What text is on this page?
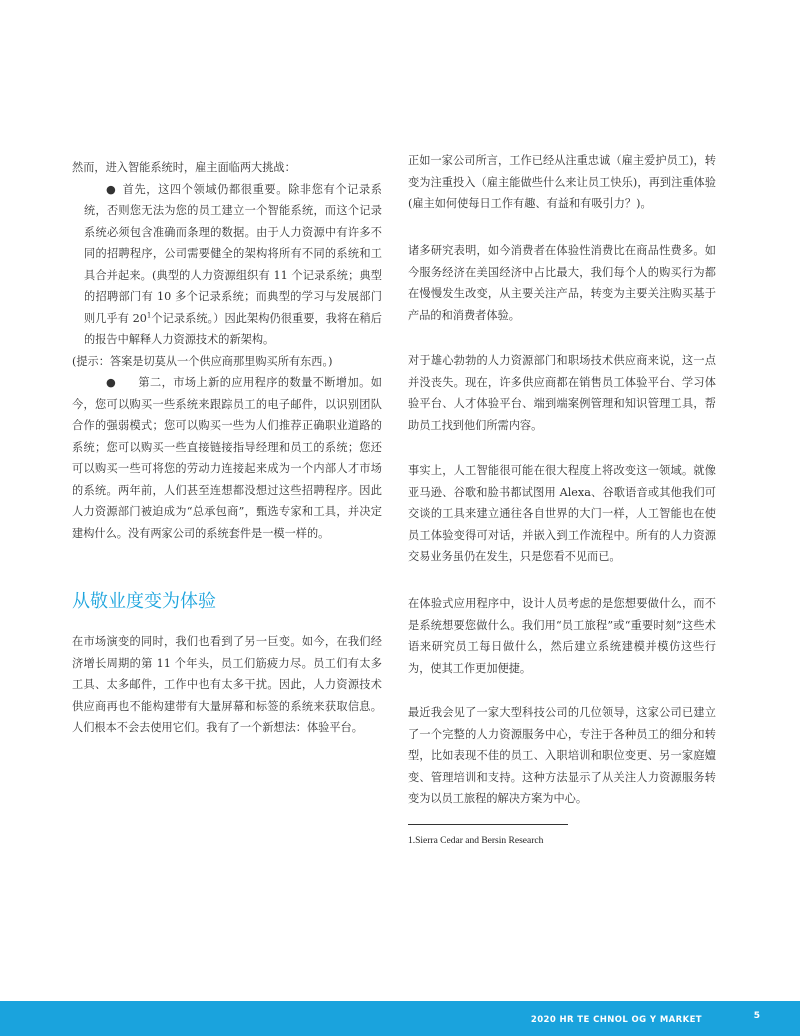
然而，进入智能系统时，雇主面临两大挑战：

● 首先，这四个领域仍都很重要。除非您有个记录系统，否则您无法为您的员工建立一个智能系统，而这个记录系统必须包含准确而条理的数据。由于人力资源中有许多不同的招聘程序，公司需要健全的架构将所有不同的系统和工具合并起来。(典型的人力资源组织有 11 个记录系统；典型的招聘部门有 10 多个记录系统；而典型的学习与发展部门则几乎有 $20^1$个记录系统。）因此架构仍很重要，我将在稍后的报告中解释人力资源技术的新架构。

(提示：答案是切莫从一个供应商那里购买所有东西。)

● 第二，市场上新的应用程序的数量不断增加。如今，您可以购买一些系统来跟踪员工的电子邮件，以识别团队合作的强弱模式；您可以购买一些为人们推荐正确职业道路的系统；您可以购买一些直接链接指导经理和员工的系统；您还可以购买一些可将您的劳动力连接起来成为一个内部人才市场的系统。两年前，人们甚至连想都没想过这些招聘程序。因此人力资源部门被迫成为“总承包商”，甄选专家和工具，并决定建构什么。没有两家公司的系统套件是一模一样的。

从敬业度变为体验

在市场演变的同时，我们也看到了另一巨变。如今，在我们经济增长周期的第 11 个年头，员工们筋疲力尽。员工们有太多工具、太多邮件，工作中也有太多干扰。因此，人力资源技术供应商再也不能构建带有大量屏幕和标签的系统来获取信息。人们根本不会去使用它们。我有了一个新想法：体验平台。

正如一家公司所言，工作已经从注重忠诚（雇主爱护员工)，转变为注重投入（雇主能做些什么来让员工快乐)，再到注重体验(雇主如何使每日工作有趣、有益和有吸引力？)。

诸多研究表明，如今消费者在体验性消费比在商品性费多。如今服务经济在美国经济中占比最大，我们每个人的购买行为都在慢慢发生改变，从主要关注产品，转变为主要关注购买基于产品的和消费者体验。

对于雄心勃勃的人力资源部门和职场技术供应商来说，这一点并没丧失。现在，许多供应商都在销售员工体验平台、学习体验平台、人才体验平台、端到端案例管理和知识管理工具，帮助员工找到他们所需内容。

事实上，人工智能很可能在很大程度上将改变这一领域。就像亚马逊、谷歌和脸书都试图用 Alexa、谷歌语音或其他我们可交谈的工具来建立通往各自世界的大门一样，人工智能也在使员工体验变得可对话，并嵌入到工作流程中。所有的人力资源交易业务虽仍在发生，只是您看不见而已。

在体验式应用程序中，设计人员考虑的是您想要做什么，而不是系统想要您做什么。我们用“员工旅程”或“重要时刻”这些术语来研究员工每日做什么，然后建立系统建模并模仿这些行为，使其工作更加便捷。

最近我会见了一家大型科技公司的几位领导，这家公司已建立了一个完整的人力资源服务中心，专注于各种员工的细分和转型，比如表现不佳的员工、入职培训和职位变更、另一家庭嬗变、管理培训和支持。这种方法显示了从关注人力资源服务转变为以员工旅程的解决方案为中心。

1.Sierra Cedar and Bersin Research
2020 HR TE CHNOL OG Y MARKET	5
